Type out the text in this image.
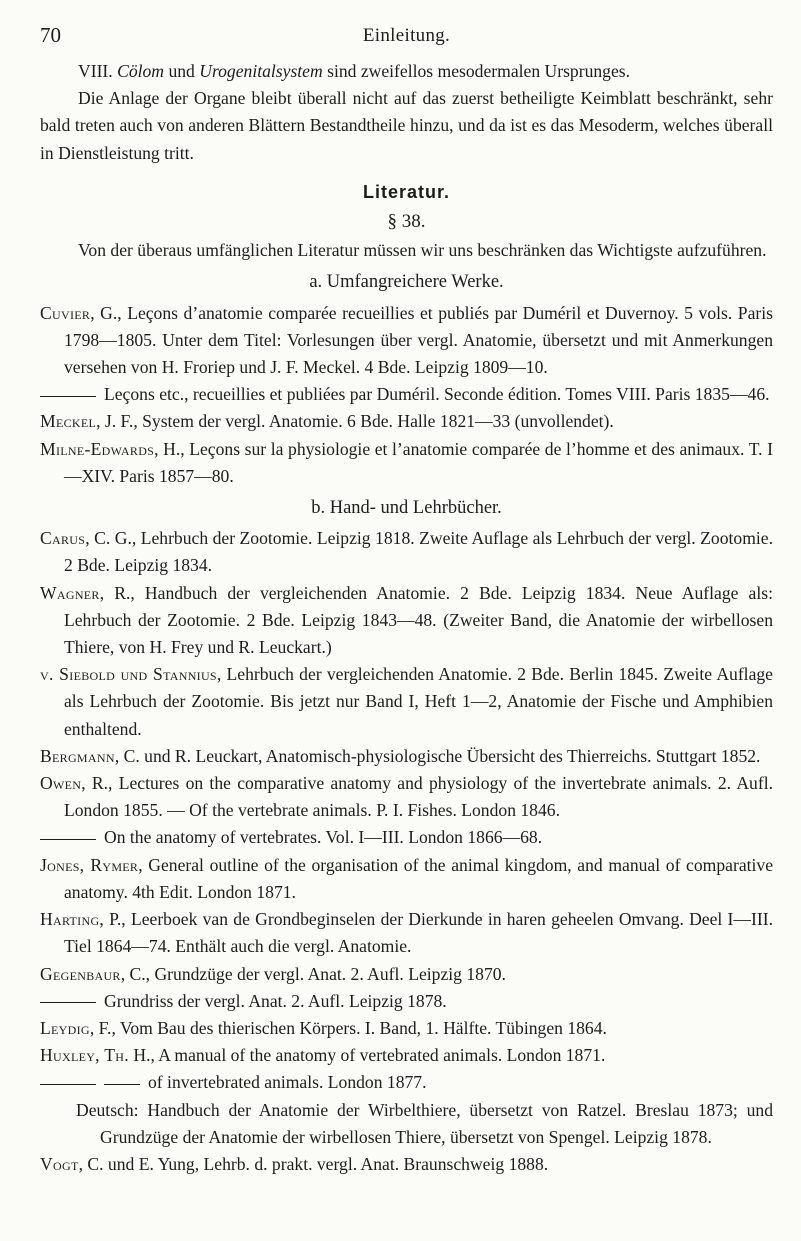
70	Einleitung.

VIII. Cölom und Urogenitalsystem sind zweifellos mesodermalen Ursprunges.

Die Anlage der Organe bleibt überall nicht auf das zuerst betheiligte Keimblatt beschränkt, sehr bald treten auch von anderen Blättern Bestandtheile hinzu, und da ist es das Mesoderm, welches überall in Dienstleistung tritt.

Literatur.
§ 38.

Von der überaus umfänglichen Literatur müssen wir uns beschränken das Wichtigste aufzuführen.

a. Umfangreichere Werke.
Cuvier, G., Leçons d’anatomie comparée recueillies et publiés par Duméril et Duvernoy. 5 vols. Paris 1798—1805. Unter dem Titel: Vorlesungen über vergl. Anatomie, übersetzt und mit Anmerkungen versehen von H. Froriep und J. F. Meckel. 4 Bde. Leipzig 1809—10.
Leçons etc., recueillies et publiées par Duméril. Seconde édition. Tomes VIII. Paris 1835—46.
Meckel, J. F., System der vergl. Anatomie. 6 Bde. Halle 1821—33 (unvollendet).
Milne-Edwards, H., Leçons sur la physiologie et l’anatomie comparée de l’homme et des animaux. T. I—XIV. Paris 1857—80.
b. Hand- und Lehrbücher.
Carus, C. G., Lehrbuch der Zootomie. Leipzig 1818. Zweite Auflage als Lehrbuch der vergl. Zootomie. 2 Bde. Leipzig 1834.
Wagner, R., Handbuch der vergleichenden Anatomie. 2 Bde. Leipzig 1834. Neue Auflage als: Lehrbuch der Zootomie. 2 Bde. Leipzig 1843—48. (Zweiter Band, die Anatomie der wirbellosen Thiere, von H. Frey und R. Leuckart.)
v. Siebold und Stannius, Lehrbuch der vergleichenden Anatomie. 2 Bde. Berlin 1845. Zweite Auflage als Lehrbuch der Zootomie. Bis jetzt nur Band I, Heft 1—2, Anatomie der Fische und Amphibien enthaltend.
Bergmann, C. und R. Leuckart, Anatomisch-physiologische Übersicht des Thierreichs. Stuttgart 1852.
Owen, R., Lectures on the comparative anatomy and physiology of the invertebrate animals. 2. Aufl. London 1855. — Of the vertebrate animals. P. I. Fishes. London 1846.
On the anatomy of vertebrates. Vol. I—III. London 1866—68.
Jones, Rymer, General outline of the organisation of the animal kingdom, and manual of comparative anatomy. 4th Edit. London 1871.
Harting, P., Leerboek van de Grondbeginselen der Dierkunde in haren geheelen Omvang. Deel I—III. Tiel 1864—74. Enthält auch die vergl. Anatomie.
Gegenbaur, C., Grundzüge der vergl. Anat. 2. Aufl. Leipzig 1870.
Grundriss der vergl. Anat. 2. Aufl. Leipzig 1878.
Leydig, F., Vom Bau des thierischen Körpers. I. Band, 1. Hälfte. Tübingen 1864.
Huxley, Th. H., A manual of the anatomy of vertebrated animals. London 1871.
of invertebrated animals. London 1877.
Deutsch: Handbuch der Anatomie der Wirbelthiere, übersetzt von Ratzel. Breslau 1873; und Grundzüge der Anatomie der wirbellosen Thiere, übersetzt von Spengel. Leipzig 1878.
Vogt, C. und E. Yung, Lehrb. d. prakt. vergl. Anat. Braunschweig 1888.
